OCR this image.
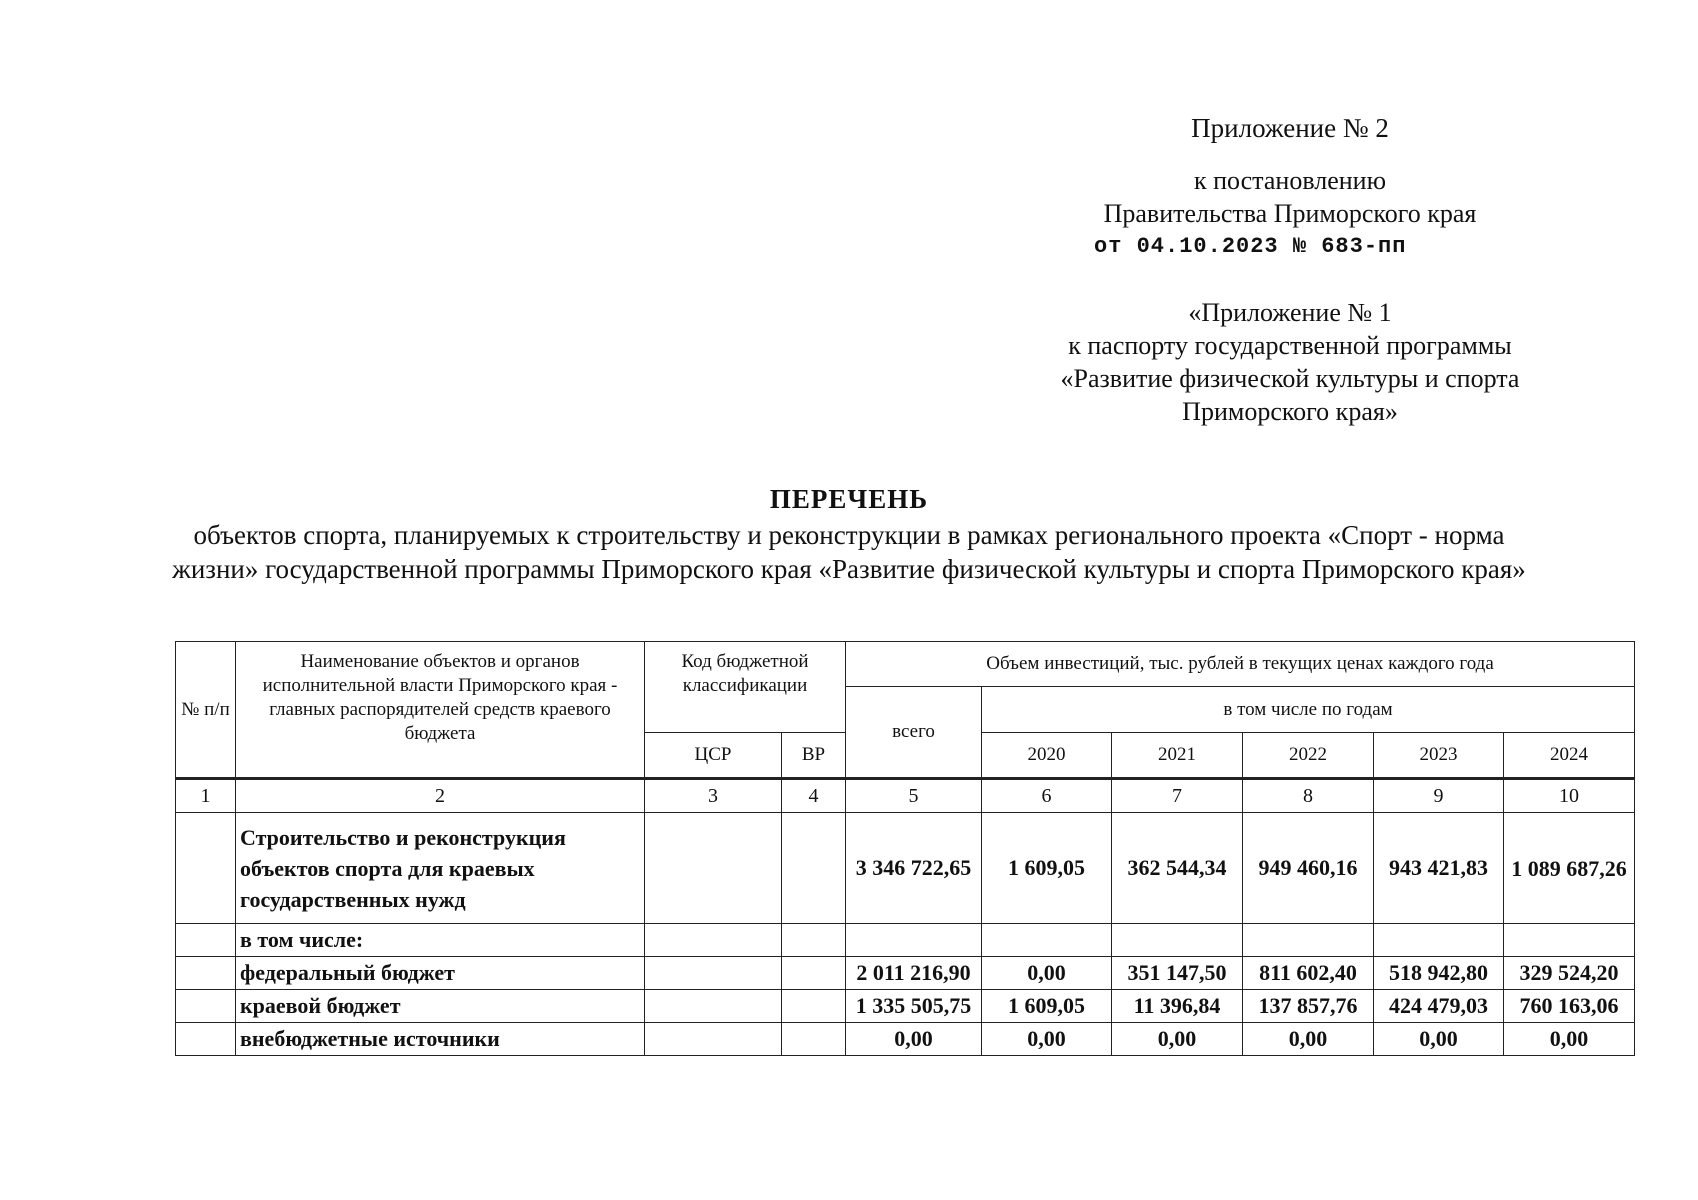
Приложение № 2
к постановлению
Правительства Приморского края
от 04.10.2023 № 683-пп
«Приложение № 1
к паспорту государственной программы
«Развитие физической культуры и спорта
Приморского края»
ПЕРЕЧЕНЬ
объектов спорта, планируемых к строительству и реконструкции в рамках регионального проекта «Спорт - норма
жизни» государственной программы Приморского края «Развитие физической культуры и спорта Приморского края»
№ п/п	Наименование объектов и органов исполнительной власти Приморского края - главных распорядителей средств краевого бюджета	Код бюджетной классификации		Объем инвестиций, тыс. рублей в текущих ценах каждого года					
				всего	в том числе по годам				
		ЦСР	ВР		2020	2021	2022	2023	2024
1	2	3	4	5	6	7	8	9	10
	Строительство и реконструкция объектов спорта для краевых государственных нужд			3 346 722,65	1 609,05	362 544,34	949 460,16	943 421,83	1 089 687,26
	в том числе:								
	федеральный бюджет			2 011 216,90	0,00	351 147,50	811 602,40	518 942,80	329 524,20
	краевой бюджет			1 335 505,75	1 609,05	11 396,84	137 857,76	424 479,03	760 163,06
	внебюджетные источники			0,00	0,00	0,00	0,00	0,00	0,00
